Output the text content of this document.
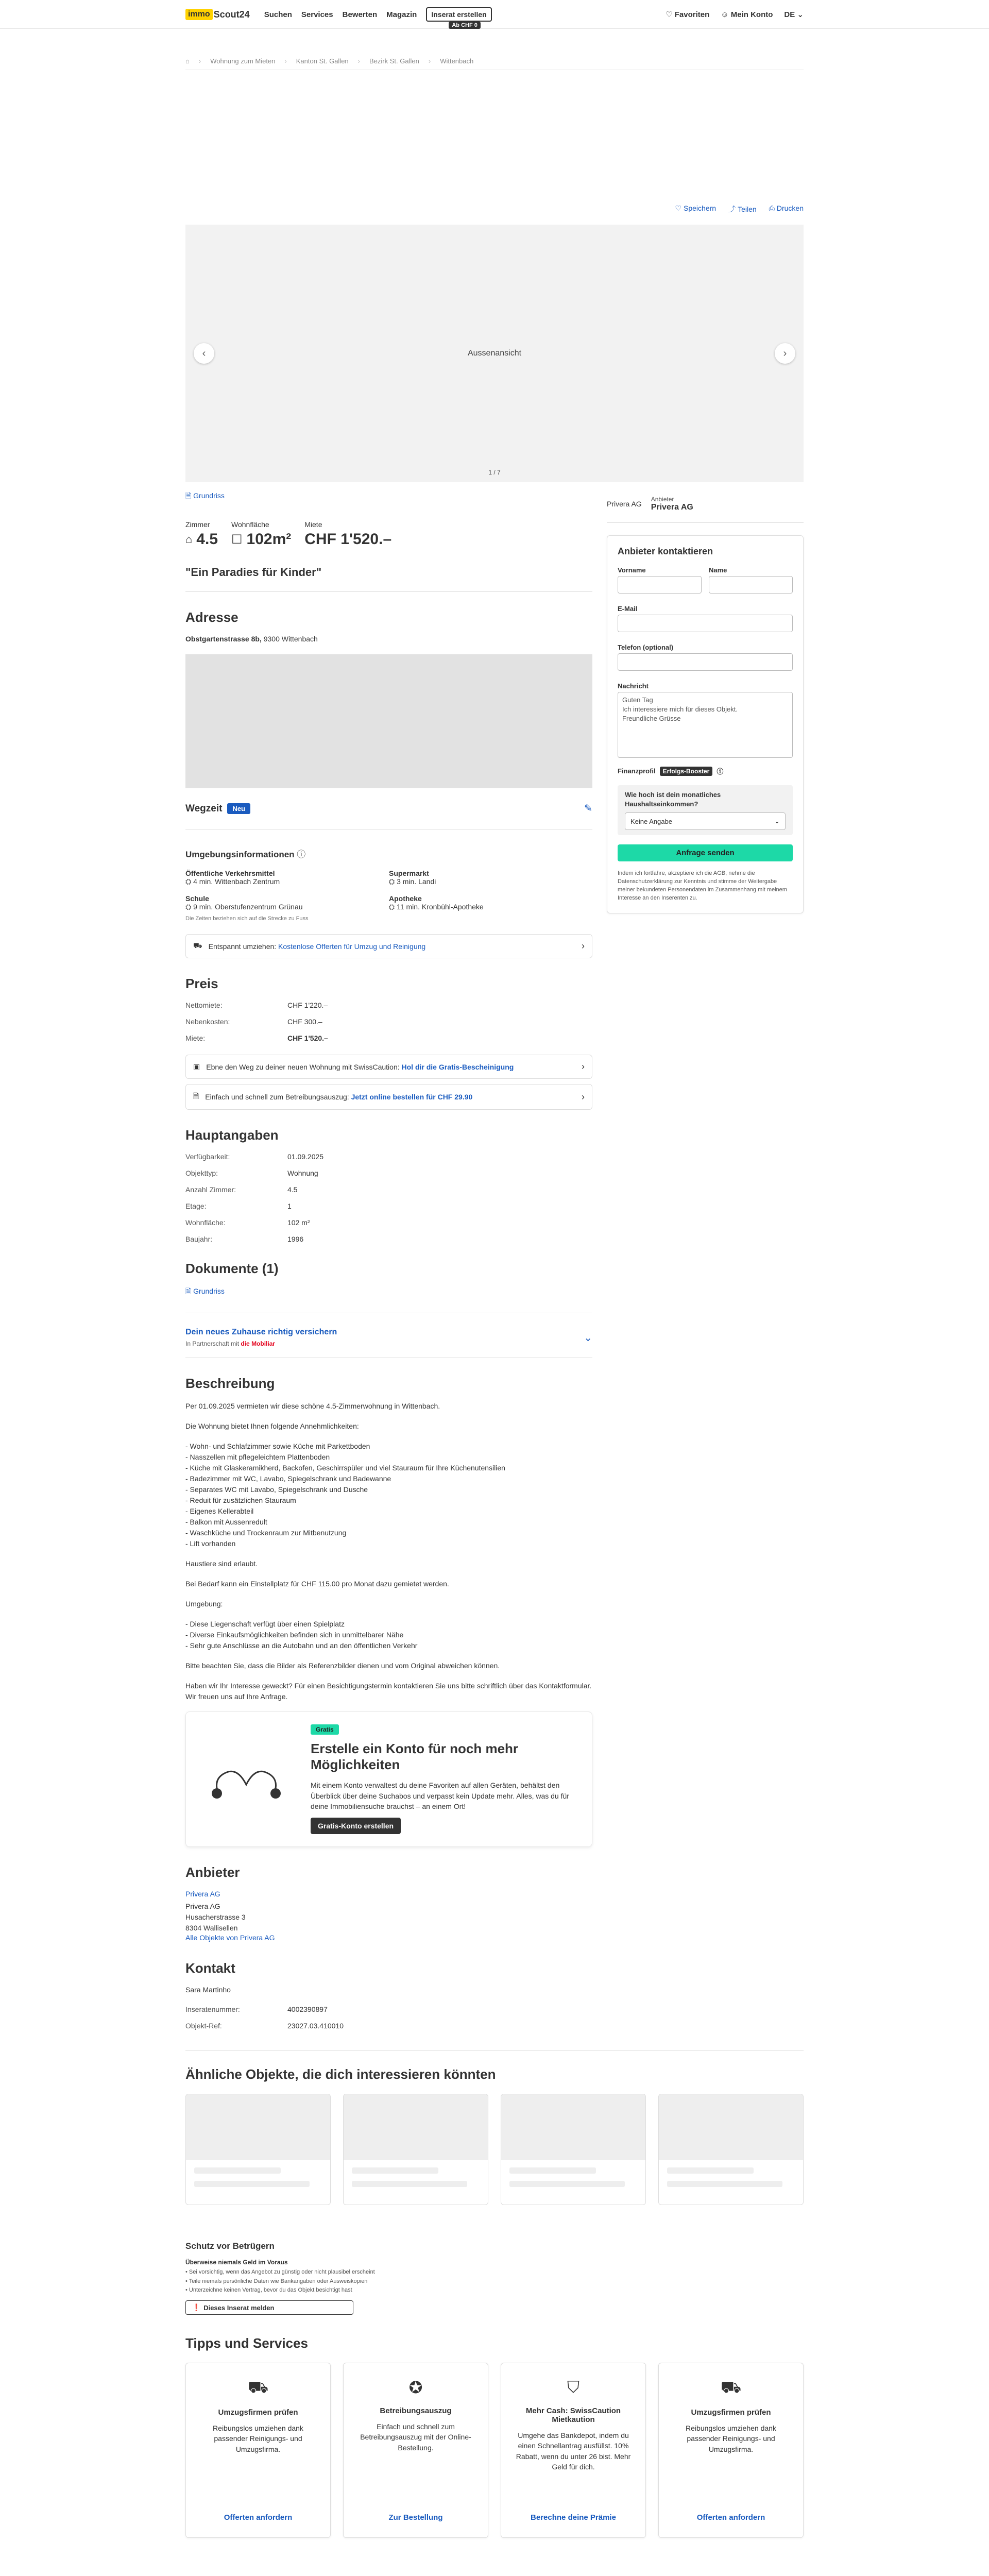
immo Scout24 Suchen Services Bewerten Magazin	Inserat erstellen
Ab CHF 0
♡ Favoriten ☺ Mein Konto DE ⌄
⌂ › Wohnung zum Mieten › Kanton St. Gallen › Bezirk St. Gallen › Wittenbach
♡ Speichern ⤴ Teilen ⎙ Drucken
Aussenansicht
‹	›
1 / 7
🗎 Grundriss
Zimmer
⌂ 4.5
Wohnfläche
☐ 102m²
Miete
CHF 1'520.–
"Ein Paradies für Kinder"
Adresse
Obstgartenstrasse 8b, 9300 Wittenbach
Wegzeit	Neu	✎
Umgebungsinformationen ⓘ
Öffentliche Verkehrsmittel
⛭ 4 min. Wittenbach Zentrum
Supermarkt
⛭ 3 min. Landi
Schule
⛭ 9 min. Oberstufenzentrum Grünau
Apotheke
⛭ 11 min. Kronbühl-Apotheke
Die Zeiten beziehen sich auf die Strecke zu Fuss
⛟ Entspannt umziehen: Kostenlose Offerten für Umzug und Reinigung	›
Preis
Nettomiete:	CHF 1'220.–
Nebenkosten:	CHF 300.–
Miete:	CHF 1'520.–
▣ Ebne den Weg zu deiner neuen Wohnung mit SwissCaution: Hol dir die Gratis-Bescheinigung	›
🗎 Einfach und schnell zum Betreibungsauszug: Jetzt online bestellen für CHF 29.90	›
Hauptangaben
Verfügbarkeit:	01.09.2025
Objekttyp:	Wohnung
Anzahl Zimmer:	4.5
Etage:	1
Wohnfläche:	102 m²
Baujahr:	1996
Dokumente (1)
🗎 Grundriss
Dein neues Zuhause richtig versichern
In Partnerschaft mit die Mobiliar
⌄
Beschreibung

Per 01.09.2025 vermieten wir diese schöne 4.5-Zimmerwohnung in Wittenbach.

Die Wohnung bietet Ihnen folgende Annehmlichkeiten:

- Wohn- und Schlafzimmer sowie Küche mit Parkettboden
- Nasszellen mit pflegeleichtem Plattenboden
- Küche mit Glaskeramikherd, Backofen, Geschirrspüler und viel Stauraum für Ihre Küchenutensilien
- Badezimmer mit WC, Lavabo, Spiegelschrank und Badewanne
- Separates WC mit Lavabo, Spiegelschrank und Dusche
- Reduit für zusätzlichen Stauraum
- Eigenes Kellerabteil
- Balkon mit Aussenredult
- Waschküche und Trockenraum zur Mitbenutzung
- Lift vorhanden

Haustiere sind erlaubt.

Bei Bedarf kann ein Einstellplatz für CHF 115.00 pro Monat dazu gemietet werden.

Umgebung:

- Diese Liegenschaft verfügt über einen Spielplatz
- Diverse Einkaufsmöglichkeiten befinden sich in unmittelbarer Nähe
- Sehr gute Anschlüsse an die Autobahn und an den öffentlichen Verkehr

Bitte beachten Sie, dass die Bilder als Referenzbilder dienen und vom Original abweichen können.

Haben wir Ihr Interesse geweckt? Für einen Besichtigungstermin kontaktieren Sie uns bitte schriftlich über das Kontaktformular. Wir freuen uns auf Ihre Anfrage.

Gratis
Erstelle ein Konto für noch mehr Möglichkeiten
Mit einem Konto verwaltest du deine Favoriten auf allen Geräten, behältst den Überblick über deine Suchabos und verpasst kein Update mehr. Alles, was du für deine Immobiliensuche brauchst – an einem Ort!
Gratis-Konto erstellen
Anbieter
Privera AG
Privera AG
Husacherstrasse 3
8304 Wallisellen
Alle Objekte von Privera AG
Kontakt
Sara Martinho
Inseratenummer:	4002390897
Objekt-Ref:	23027.03.410010
Privera AG
Anbieter
Privera AG
Anbieter kontaktieren
Vorname	Name
E-Mail
Telefon (optional)
Nachricht
Guten Tag
Ich interessiere mich für dieses Objekt.
Freundliche Grüsse
Finanzprofil	Erfolgs-Booster	ⓘ
Wie hoch ist dein monatliches Haushaltseinkommen?
Keine Angabe	⌄
Anfrage senden
Indem ich fortfahre, akzeptiere ich die AGB, nehme die Datenschutzerklärung zur Kenntnis und stimme der Weitergabe meiner bekundeten Personendaten im Zusammenhang mit meinem Interesse an den Inserenten zu.
Ähnliche Objekte, die dich interessieren könnten
Schutz vor Betrügern
Überweise niemals Geld im Voraus
• Sei vorsichtig, wenn das Angebot zu günstig oder nicht plausibel erscheint
• Teile niemals persönliche Daten wie Bankangaben oder Ausweiskopien
• Unterzeichne keinen Vertrag, bevor du das Objekt besichtigt hast
❗ Dieses Inserat melden
Tipps und Services
⛟
Umzugsfirmen prüfen

Reibungslos umziehen dank passender Reinigungs- und Umzugsfirma.

Offerten anfordern
✪
Betreibungsauszug

Einfach und schnell zum Betreibungsauszug mit der Online-Bestellung.

Zur Bestellung
⛉
Mehr Cash: SwissCaution Mietkaution

Umgehe das Bankdepot, indem du einen Schnellantrag ausfüllst. 10% Rabatt, wenn du unter 26 bist. Mehr Geld für dich.

Berechne deine Prämie
⛟
Umzugsfirmen prüfen

Reibungslos umziehen dank passender Reinigungs- und Umzugsfirma.

Offerten anfordern
